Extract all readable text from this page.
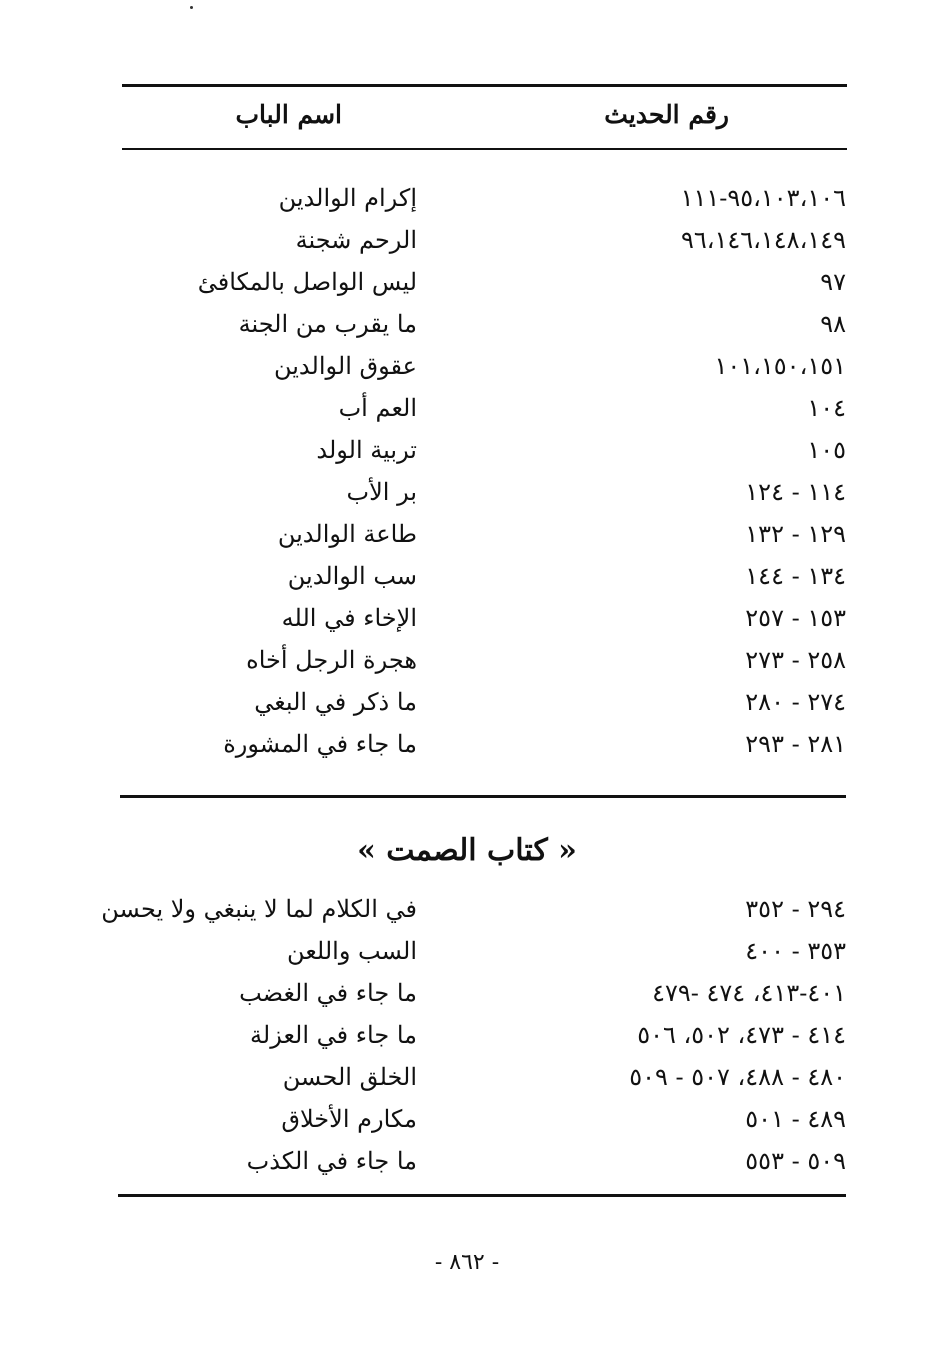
رقم الحديث
اسم الباب
٩٥،١٠٣،١٠٦-١١١
إكرام الوالدين
٩٦،١٤٦،١٤٨،١٤٩
الرحم شجنة
٩٧
ليس الواصل بالمكافئ
٩٨
ما يقرب من الجنة
١٠١،١٥٠،١٥١
عقوق الوالدين
١٠٤
العم أب
١٠٥
تربية الولد
١١٤ - ١٢٤
بر الأب
١٢٩ - ١٣٢
طاعة الوالدين
١٣٤ - ١٤٤
سب الوالدين
١٥٣ - ٢٥٧
الإخاء في الله
٢٥٨ - ٢٧٣
هجرة الرجل أخاه
٢٧٤ - ٢٨٠
ما ذكر في البغي
٢٨١ - ٢٩٣
ما جاء في المشورة
« كتاب الصمت »
٢٩٤ - ٣٥٢
في الكلام لما لا ينبغي ولا يحسن
٣٥٣ - ٤٠٠
السب واللعن
٤٠١-٤١٣، ٤٧٤ -٤٧٩
ما جاء في الغضب
٤١٤ - ٤٧٣، ٥٠٢، ٥٠٦
ما جاء في العزلة
٤٨٠ - ٤٨٨، ٥٠٧ - ٥٠٩
الخلق الحسن
٤٨٩ - ٥٠١
مكارم الأخلاق
٥٠٩ - ٥٥٣
ما جاء في الكذب
- ٨٦٢ -
